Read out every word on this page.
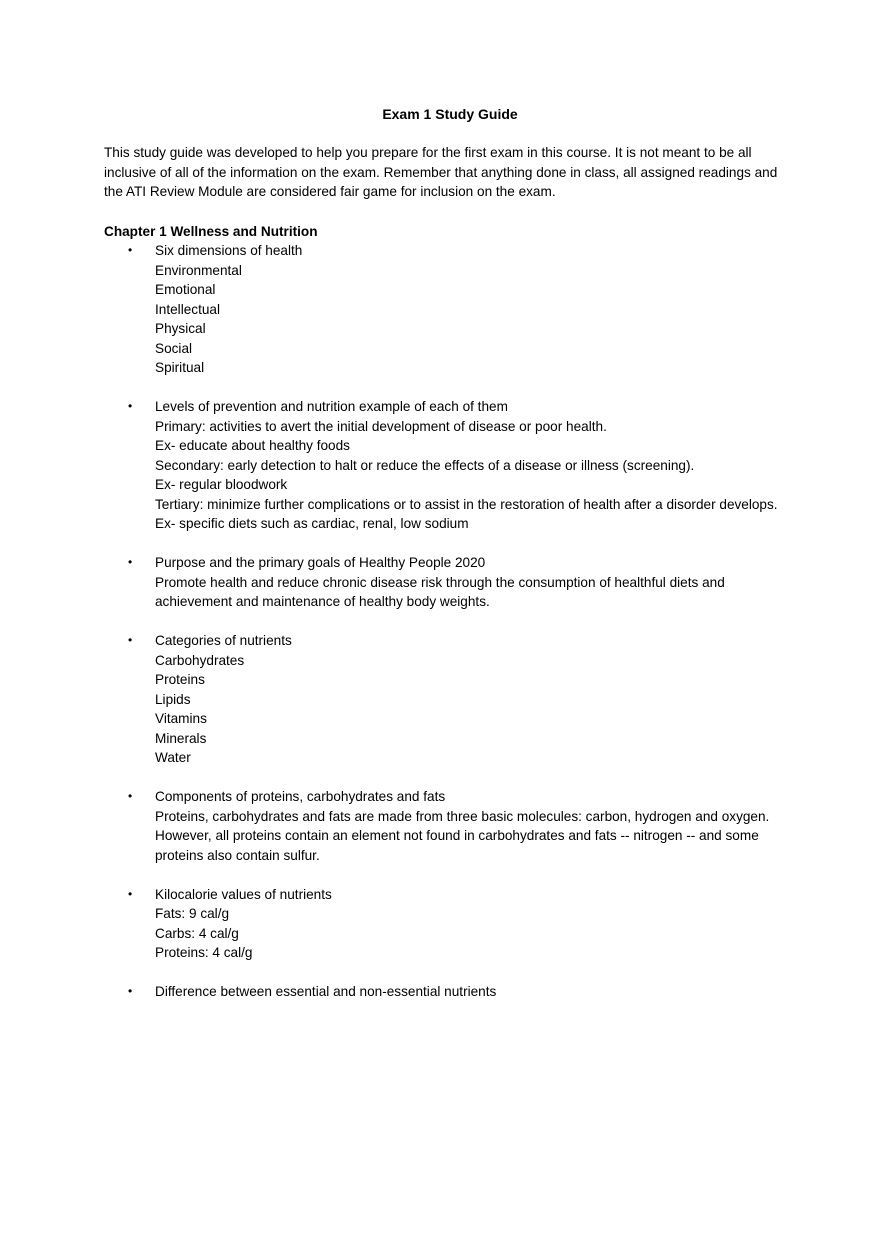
Exam 1 Study Guide

This study guide was developed to help you prepare for the first exam in this course. It is not meant to be all inclusive of all of the information on the exam. Remember that anything done in class, all assigned readings and the ATI Review Module are considered fair game for inclusion on the exam.

Chapter 1 Wellness and Nutrition

• Six dimensions of health
Environmental
Emotional
Intellectual
Physical
Social
Spiritual
• Levels of prevention and nutrition example of each of them
Primary: activities to avert the initial development of disease or poor health.
Ex- educate about healthy foods
Secondary: early detection to halt or reduce the effects of a disease or illness (screening).
Ex- regular bloodwork
Tertiary: minimize further complications or to assist in the restoration of health after a disorder develops.
Ex- specific diets such as cardiac, renal, low sodium
• Purpose and the primary goals of Healthy People 2020
Promote health and reduce chronic disease risk through the consumption of healthful diets and achievement and maintenance of healthy body weights.
• Categories of nutrients
Carbohydrates
Proteins
Lipids
Vitamins
Minerals
Water
• Components of proteins, carbohydrates and fats
Proteins, carbohydrates and fats are made from three basic molecules: carbon, hydrogen and oxygen. However, all proteins contain an element not found in carbohydrates and fats -- nitrogen -- and some proteins also contain sulfur.
• Kilocalorie values of nutrients
Fats: 9 cal/g
Carbs: 4 cal/g
Proteins: 4 cal/g
• Difference between essential and non-essential nutrients
